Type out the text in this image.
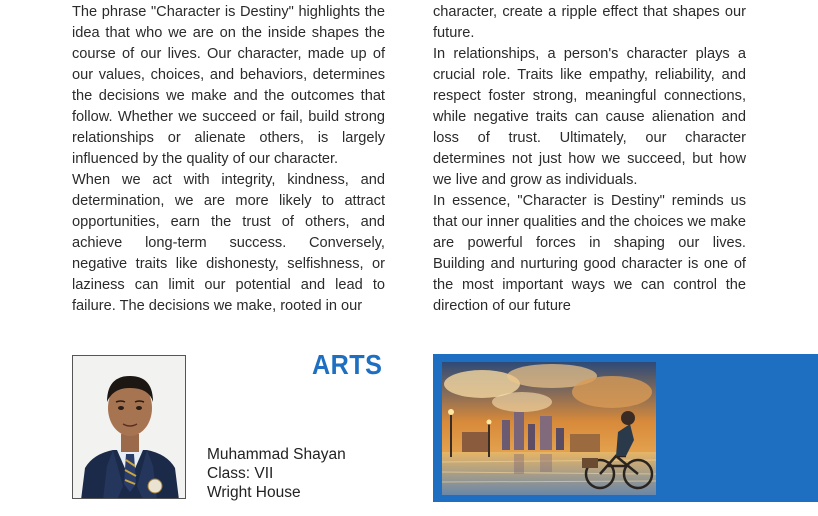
The phrase "Character is Destiny" highlights the idea that who we are on the inside shapes the course of our lives. Our character, made up of our values, choices, and behaviors, determines the decisions we make and the outcomes that follow. Whether we succeed or fail, build strong relationships or alienate others, is largely influenced by the quality of our character.

When we act with integrity, kindness, and determination, we are more likely to attract opportunities, earn the trust of others, and achieve long-term success. Conversely, negative traits like dishonesty, selfishness, or laziness can limit our potential and lead to failure. The decisions we make, rooted in our

character, create a ripple effect that shapes our future.

In relationships, a person's character plays a crucial role. Traits like empathy, reliability, and respect foster strong, meaningful connections, while negative traits can cause alienation and loss of trust. Ultimately, our character determines not just how we succeed, but how we live and grow as individuals.

In essence, "Character is Destiny" reminds us that our inner qualities and the choices we make are powerful forces in shaping our lives. Building and nurturing good character is one of the most important ways we can control the direction of our future

ARTS
Muhammad Shayan
Class: VII
Wright House
